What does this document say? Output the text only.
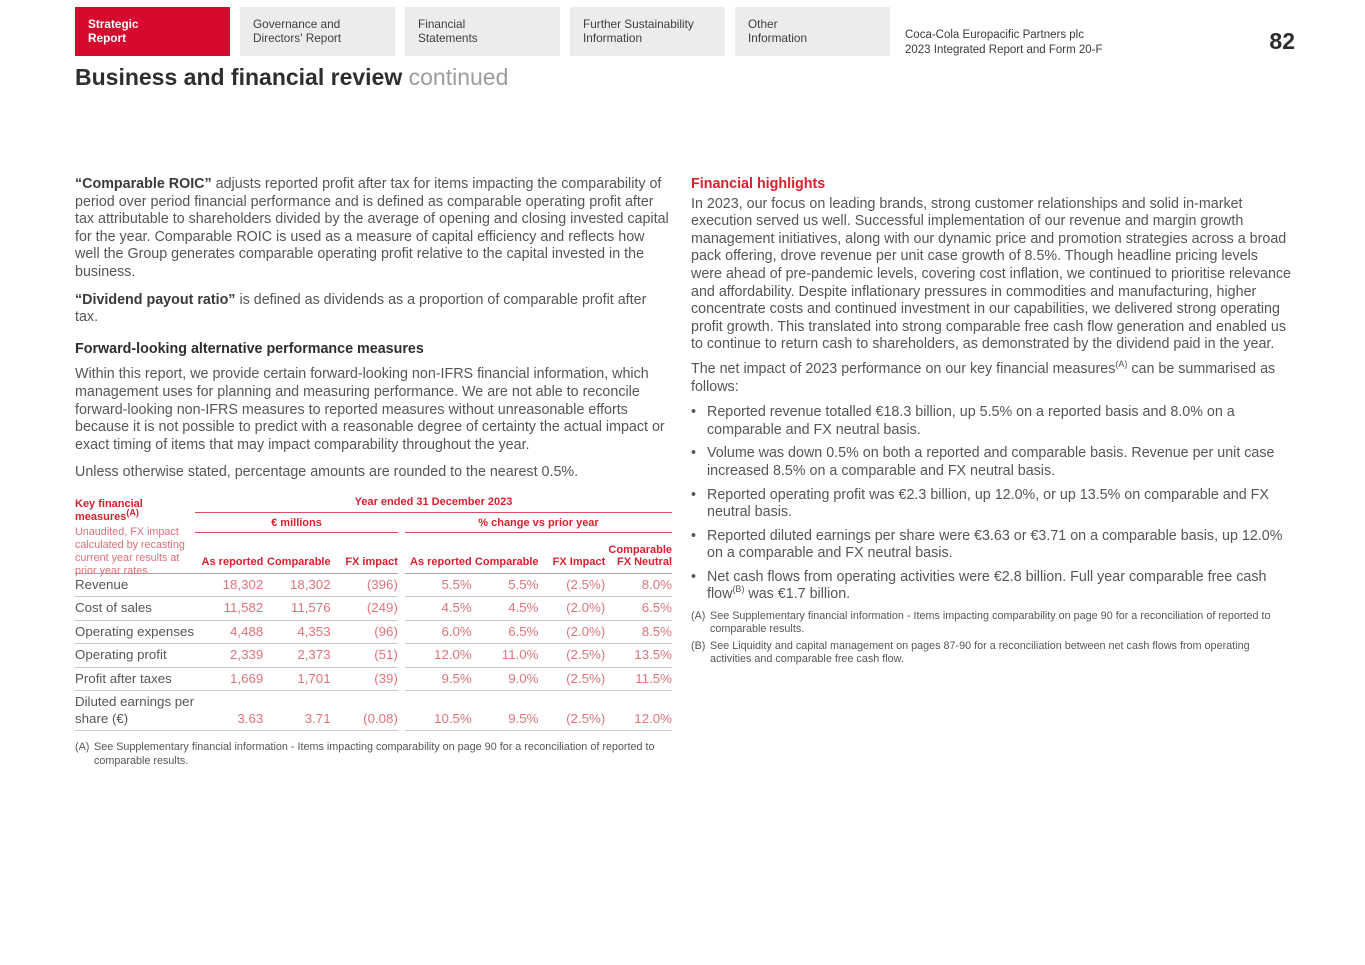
Strategic
Report
Governance and
Directors' Report
Financial
Statements
Further Sustainability
Information
Other
Information	Coca-Cola Europacific Partners plc
2023 Integrated Report and Form 20-F	82
Business and financial review continued

“Comparable ROIC” adjusts reported profit after tax for items impacting the comparability of period over period financial performance and is defined as comparable operating profit after tax attributable to shareholders divided by the average of opening and closing invested capital for the year. Comparable ROIC is used as a measure of capital efficiency and reflects how well the Group generates comparable operating profit relative to the capital invested in the business.

“Dividend payout ratio” is defined as dividends as a proportion of comparable profit after tax.

Forward-looking alternative performance measures

Within this report, we provide certain forward-looking non-IFRS financial information, which management uses for planning and measuring performance. We are not able to reconcile forward-looking non-IFRS measures to reported measures without unreasonable efforts because it is not possible to predict with a reasonable degree of certainty the actual impact or exact timing of items that may impact comparability throughout the year.

Unless otherwise stated, percentage amounts are rounded to the nearest 0.5%.

Key financial measures$^{(A)}$
Unaudited, FX impact calculated by recasting current year results at prior year rates
Year ended 31 December 2023
€ millions	% change vs prior year
As reported Comparable	FX impact	As reported Comparable	FX Impact
Comparable FX Neutral
Revenue	18,302	18,302	(396)	5.5%	5.5%	(2.5%)	8.0%
Cost of sales	11,582	11,576	(249)	4.5%	4.5%	(2.0%)	6.5%
Operating expenses	4,488	4,353	(96)	6.0%	6.5%	(2.0%)	8.5%
Operating profit	2,339	2,373	(51)	12.0%	11.0%	(2.5%)	13.5%
Profit after taxes	1,669	1,701	(39)	9.5%	9.0%	(2.5%)	11.5%
Diluted earnings per share (€)	3.63	3.71	(0.08)	10.5%	9.5%	(2.5%)	12.0%
(A) See Supplementary financial information - Items impacting comparability on page 90 for a reconciliation of reported to comparable results.
Financial highlights

In 2023, our focus on leading brands, strong customer relationships and solid in-market execution served us well. Successful implementation of our revenue and margin growth management initiatives, along with our dynamic price and promotion strategies across a broad pack offering, drove revenue per unit case growth of 8.5%. Though headline pricing levels were ahead of pre-pandemic levels, covering cost inflation, we continued to prioritise relevance and affordability. Despite inflationary pressures in commodities and manufacturing, higher concentrate costs and continued investment in our capabilities, we delivered strong operating profit growth. This translated into strong comparable free cash flow generation and enabled us to continue to return cash to shareholders, as demonstrated by the dividend paid in the year.

The net impact of 2023 performance on our key financial measures$^{(A)}$ can be summarised as follows:

• Reported revenue totalled €18.3 billion, up 5.5% on a reported basis and 8.0% on a comparable and FX neutral basis.
• Volume was down 0.5% on both a reported and comparable basis. Revenue per unit case increased 8.5% on a comparable and FX neutral basis.
• Reported operating profit was €2.3 billion, up 12.0%, or up 13.5% on comparable and FX neutral basis.
• Reported diluted earnings per share were €3.63 or €3.71 on a comparable basis, up 12.0% on a comparable and FX neutral basis.
• Net cash flows from operating activities were €2.8 billion. Full year comparable free cash flow$^{(B)}$ was €1.7 billion.
(A) See Supplementary financial information - Items impacting comparability on page 90 for a reconciliation of reported to comparable results.
(B) See Liquidity and capital management on pages 87-90 for a reconciliation between net cash flows from operating activities and comparable free cash flow.
